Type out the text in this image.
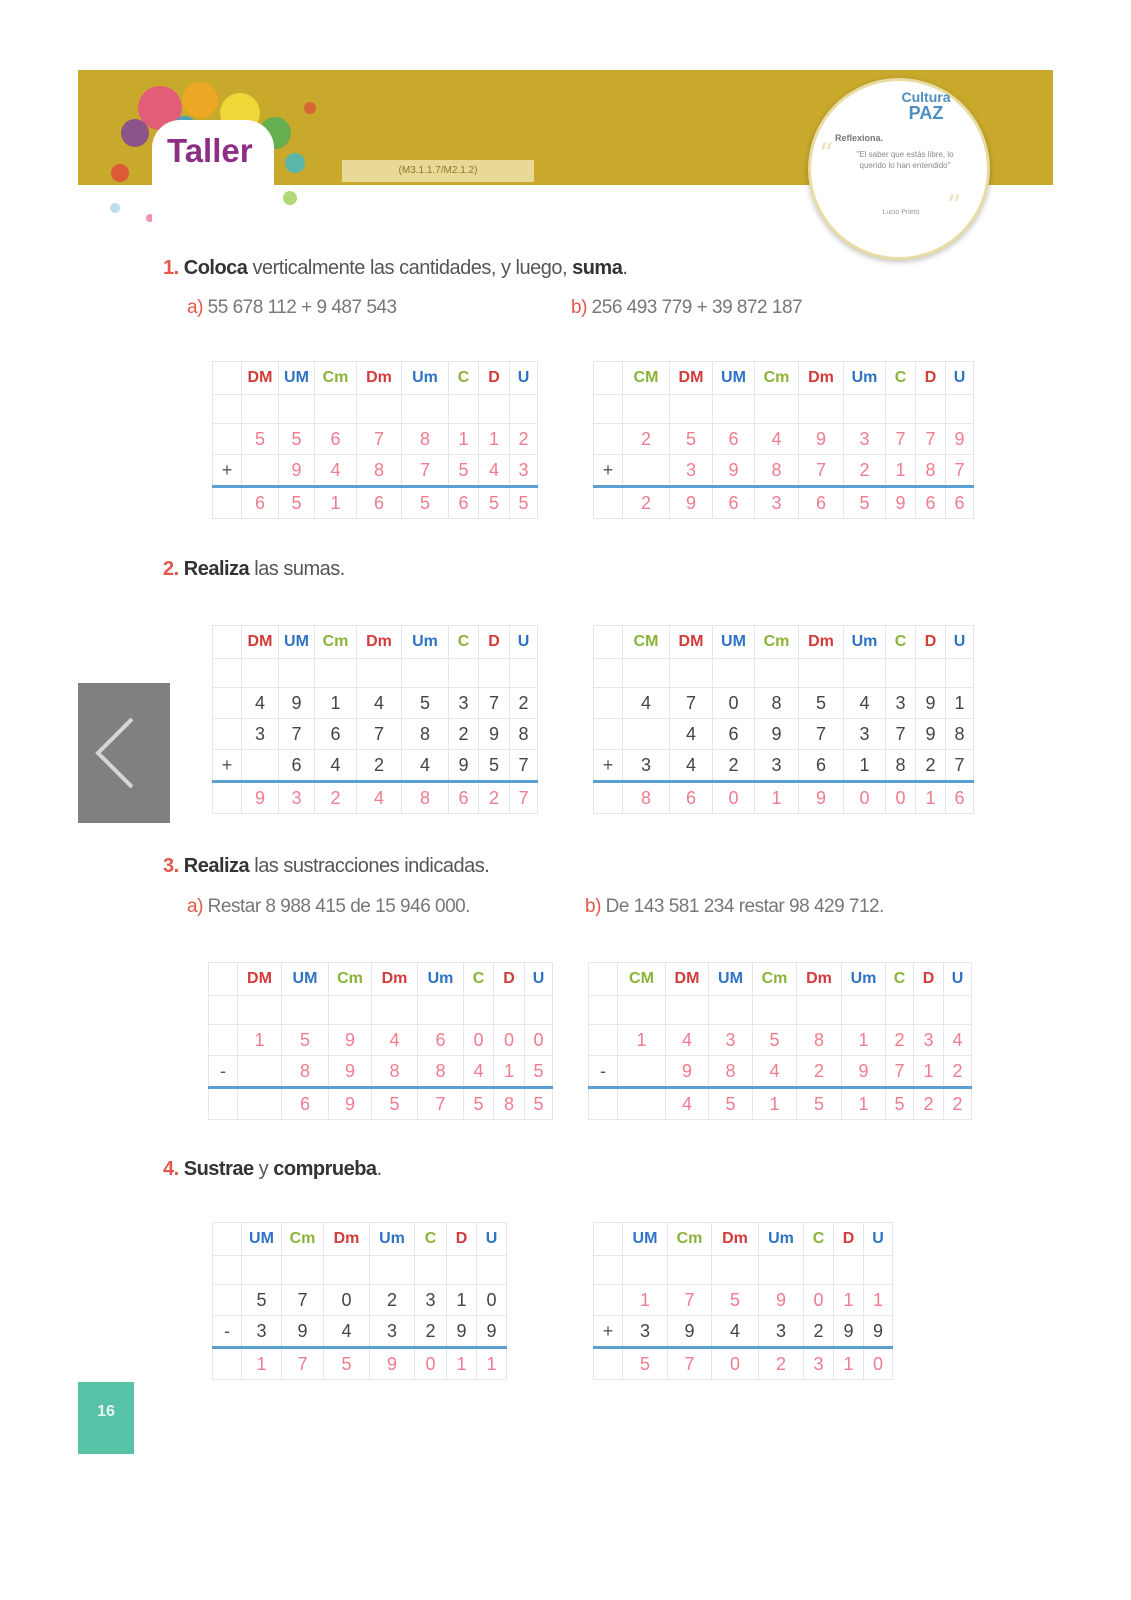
Taller
(M3.1.1.7/M2.1.2)
Cultura
PAZ
Reflexiona.
"El saber que estás libre, lo querido lo han entendido"
Lucio Prieto
“
”
1. Coloca verticalmente las cantidades, y luego, suma.
a) 55 678 112 + 9 487 543	b) 256 493 779 + 39 872 187
2. Realiza las sumas.
3. Realiza las sustracciones indicadas.
a) Restar 8 988 415 de 15 946 000.	b) De 143 581 234 restar 98 429 712.
4. Sustrae y comprueba.
	DM	UM	Cm	Dm	Um	C	D	U

	5	5	6	7	8	1	1	2
+		9	4	8	7	5	4	3
	6	5	1	6	5	6	5	5
	CM	DM	UM	Cm	Dm	Um	C	D	U

	2	5	6	4	9	3	7	7	9
+		3	9	8	7	2	1	8	7
	2	9	6	3	6	5	9	6	6
	DM	UM	Cm	Dm	Um	C	D	U

	4	9	1	4	5	3	7	2
	3	7	6	7	8	2	9	8
+		6	4	2	4	9	5	7
	9	3	2	4	8	6	2	7
	CM	DM	UM	Cm	Dm	Um	C	D	U

	4	7	0	8	5	4	3	9	1
		4	6	9	7	3	7	9	8
+	3	4	2	3	6	1	8	2	7
	8	6	0	1	9	0	0	1	6
	DM	UM	Cm	Dm	Um	C	D	U

	1	5	9	4	6	0	0	0
-		8	9	8	8	4	1	5
		6	9	5	7	5	8	5
	CM	DM	UM	Cm	Dm	Um	C	D	U

	1	4	3	5	8	1	2	3	4
-		9	8	4	2	9	7	1	2
		4	5	1	5	1	5	2	2
	UM	Cm	Dm	Um	C	D	U

	5	7	0	2	3	1	0
-	3	9	4	3	2	9	9
	1	7	5	9	0	1	1
	UM	Cm	Dm	Um	C	D	U

	1	7	5	9	0	1	1
+	3	9	4	3	2	9	9
	5	7	0	2	3	1	0
16
